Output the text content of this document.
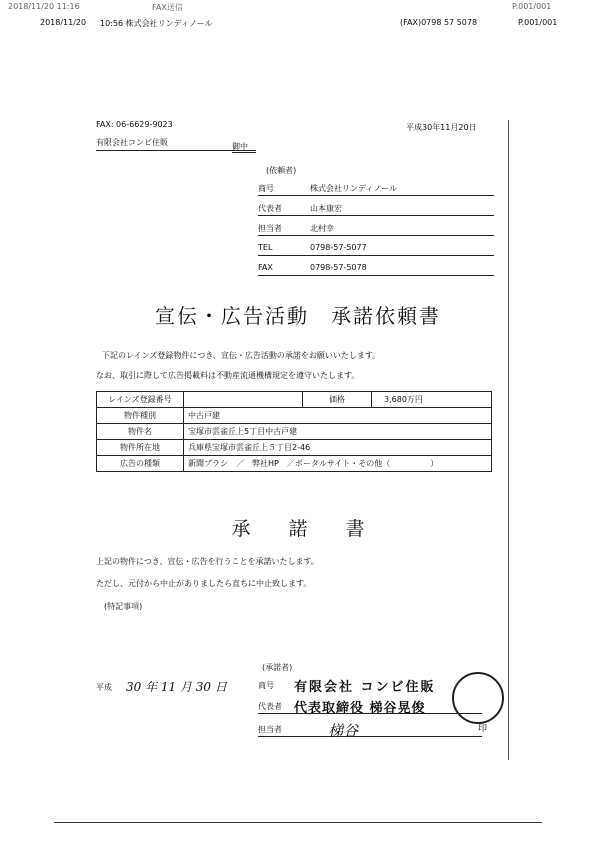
2018/11/20 11:16	FAX送信	P.001/001
2018/11/20 10:56 株式会社リンディノール	(FAX)0798 57 5078	P.001/001
FAX: 06-6629-9023
有限会社コンビ住販	御中
平成30年11月20日
(依頼者)
商号	株式会社リンディノール
代表者	山本康宏
担当者	北村幸
TEL	0798-57-5077
FAX	0798-57-5078
宣伝・広告活動　承諾依頼書
下記のレインズ登録物件につき、宣伝・広告活動の承諾をお願いいたします。
なお、取引に際して広告掲載料は不動産流通機構規定を遵守いたします。
レインズ登録番号		価格	3,680万円
物件種別	中古戸建		
物件名	宝塚市雲雀丘上5丁目中古戸建		
物件所在地	兵庫県宝塚市雲雀丘上５丁目2-46		
広告の種類	新聞ブラシ　／　弊社HP　／ポータルサイト・その他（　　　　　）		
承　　諾　　書
上記の物件につき、宣伝・広告を行うことを承諾いたします。
ただし、元付から中止がありましたら直ちに中止致します。
(特記事項)
平成 30 年 11 月 30 日
(承諾者)
商号 有限会社 コンビ住販
代表者 代表取締役 梯谷晃俊
担当者	梯谷	印
